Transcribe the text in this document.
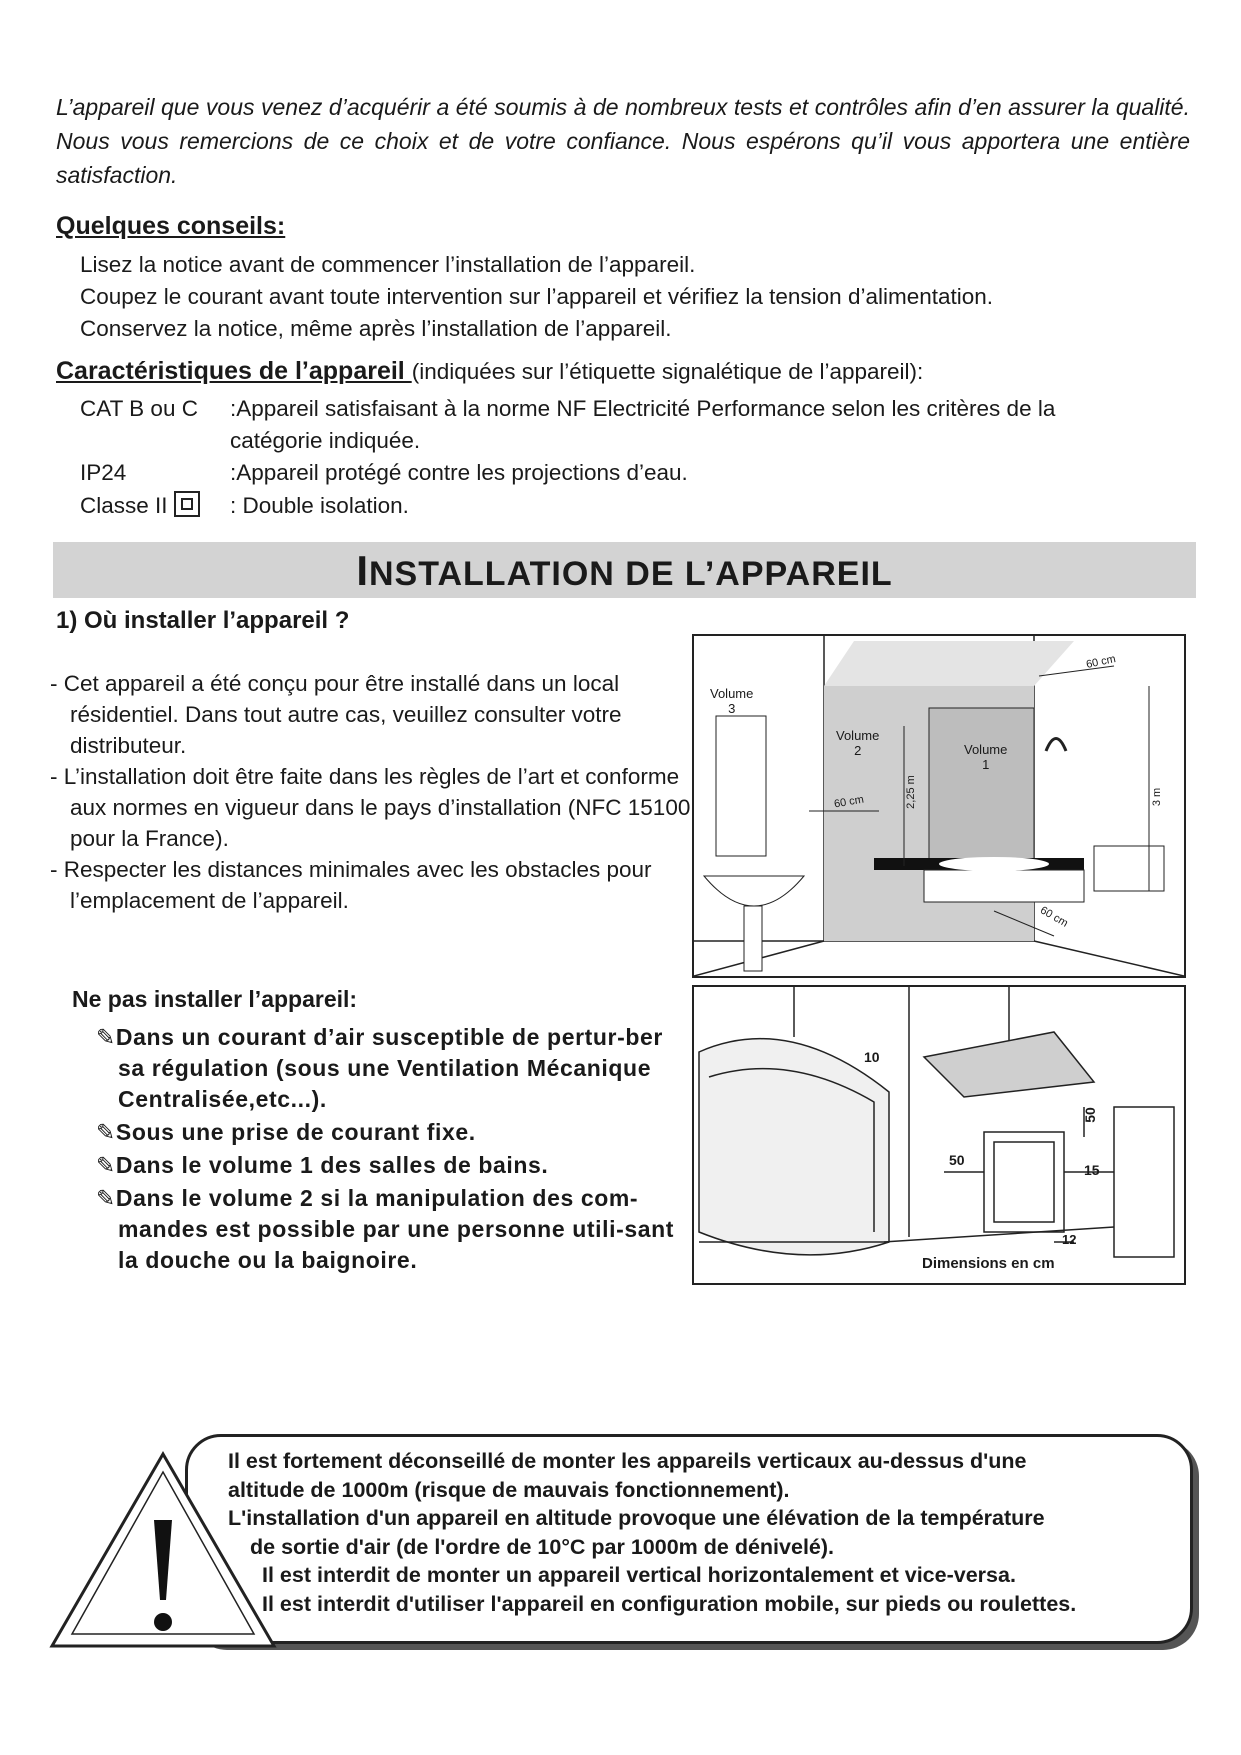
L’appareil que vous venez d’acquérir a été soumis à de nombreux tests et contrôles afin d’en assurer la qualité. Nous vous remercions de ce choix et de votre confiance. Nous espérons qu’il vous apportera une entière satisfaction.
Quelques conseils:
Lisez la notice avant de commencer l’installation de l’appareil.
Coupez le courant avant toute intervention sur l’appareil et vérifiez la tension d’alimentation.
Conservez la notice, même après l’installation de l’appareil.
Caractéristiques de l’appareil (indiquées sur l’étiquette signalétique de l’appareil):
CAT B ou C :Appareil satisfaisant à la norme NF Electricité Performance selon les critères de la
catégorie indiquée.
IP24	:Appareil protégé contre les projections d’eau.
Classe II	: Double isolation.
INSTALLATION DE L’APPAREIL
1) Où installer l’appareil ?

- Cet appareil a été conçu pour être installé dans un local résidentiel. Dans tout autre cas, veuillez consulter votre distributeur.

- L’installation doit être faite dans les règles de l’art et conforme aux normes en vigueur dans le pays d’installation (NFC 15100 pour la France).

- Respecter les distances minimales avec les obstacles pour l’emplacement de l’appareil.

Volume
3
Volume
2	Volume
1
60 cm
60 cm
60 cm
2,25 m	3 m
10
50
50
15
12
Dimensions en cm
Ne pas installer l’appareil:

✎Dans un courant d’air susceptible de pertur-ber sa régulation (sous une Ventilation Mécanique Centralisée,etc...).

✎Sous une prise de courant fixe.

✎Dans le volume 1 des salles de bains.

✎Dans le volume 2 si la manipulation des com-mandes est possible par une personne utili-sant la douche ou la baignoire.

Il est fortement déconseillé de monter les appareils verticaux au-dessus d'une

altitude de 1000m (risque de mauvais fonctionnement).

L'installation d'un appareil en altitude provoque une élévation de la température

de sortie d'air (de l'ordre de 10°C par 1000m de dénivelé).

Il est interdit de monter un appareil vertical horizontalement et vice-versa.

Il est interdit d'utiliser l'appareil en configuration mobile, sur pieds ou roulettes.
